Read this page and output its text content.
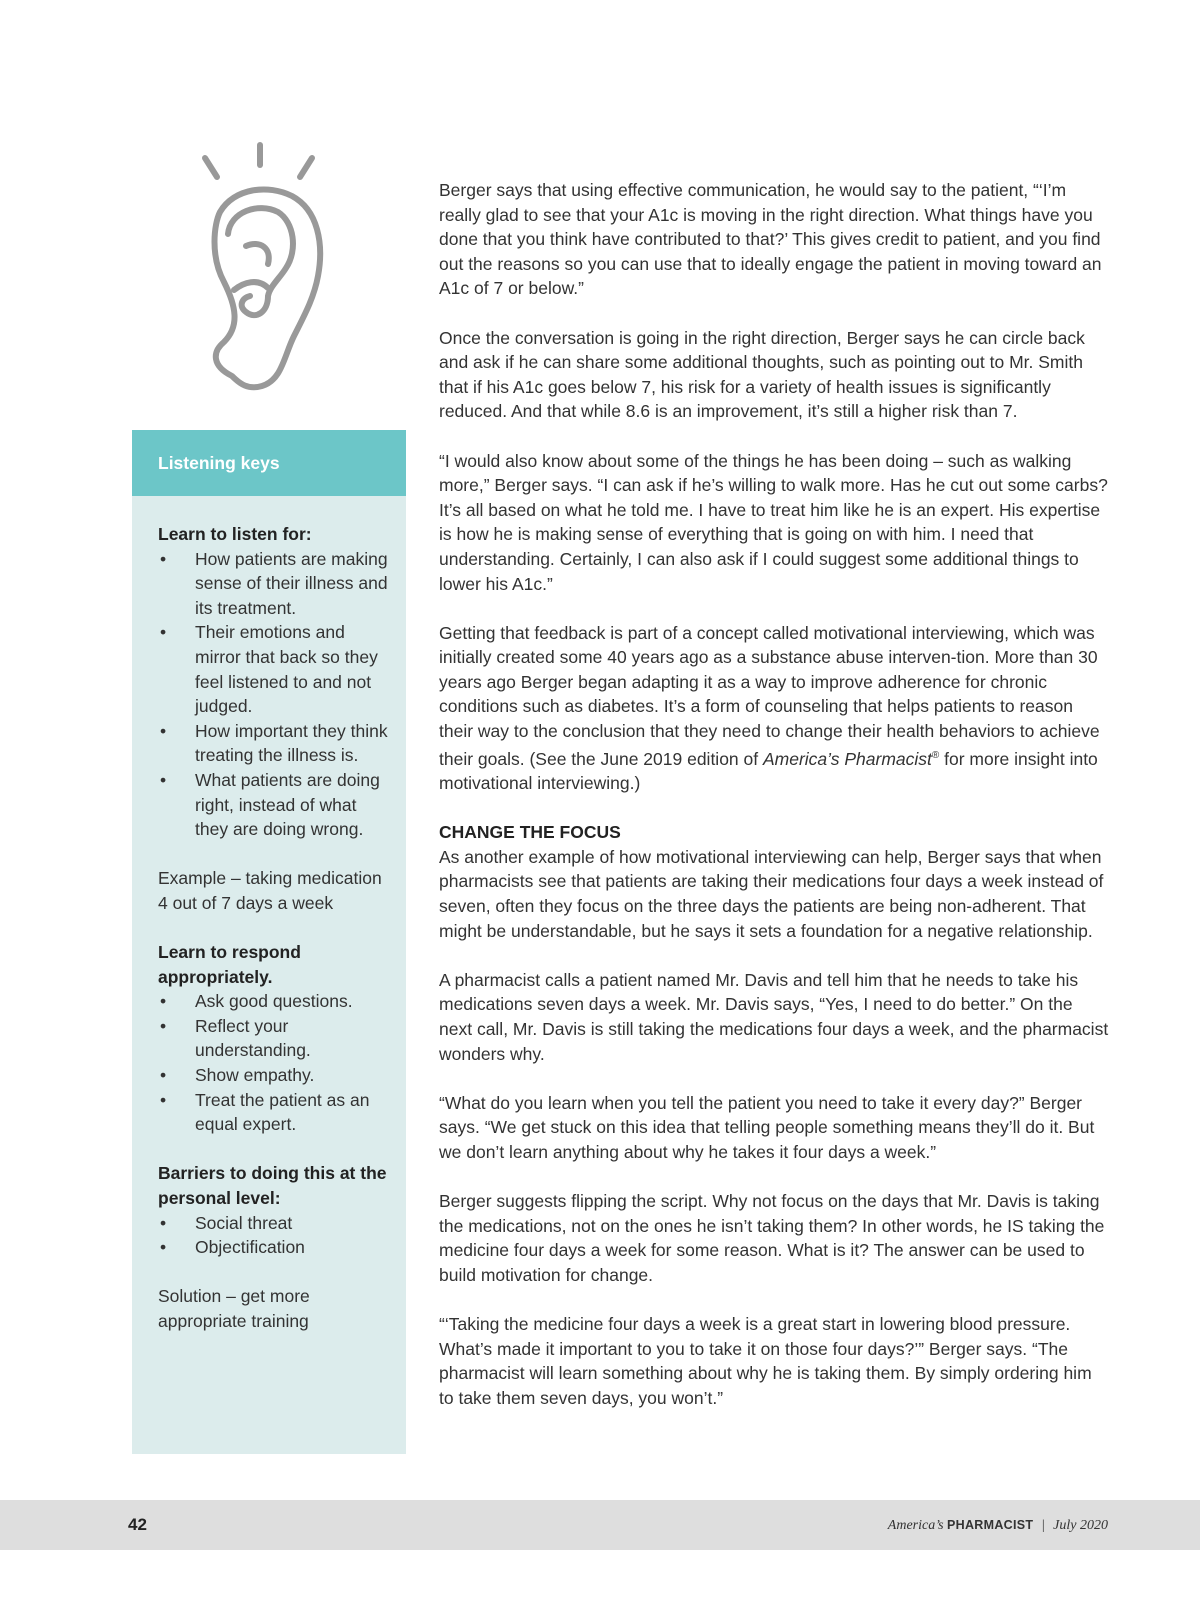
Listening keys
Learn to listen for:
• How patients are making sense of their illness and its treatment.
• Their emotions and mirror that back so they feel listened to and not judged.
• How important they think treating the illness is.
• What patients are doing right, instead of what they are doing wrong.
Example – taking medication 4 out of 7 days a week
Learn to respond appropriately.
• Ask good questions.
• Reflect your understanding.
• Show empathy.
• Treat the patient as an equal expert.
Barriers to doing this at the personal level:
• Social threat
• Objectification
Solution – get more appropriate training

Berger says that using effective communication, he would say to the patient, “‘I’m really glad to see that your A1c is moving in the right direction. What things have you done that you think have contributed to that?’ This gives credit to patient, and you find out the reasons so you can use that to ideally engage the patient in moving toward an A1c of 7 or below.”

Once the conversation is going in the right direction, Berger says he can circle back and ask if he can share some additional thoughts, such as pointing out to Mr. Smith that if his A1c goes below 7, his risk for a variety of health issues is significantly reduced. And that while 8.6 is an improvement, it’s still a higher risk than 7.

“I would also know about some of the things he has been doing – such as walking more,” Berger says. “I can ask if he’s willing to walk more. Has he cut out some carbs? It’s all based on what he told me. I have to treat him like he is an expert. His expertise is how he is making sense of everything that is going on with him. I need that understanding. Certainly, I can also ask if I could suggest some additional things to lower his A1c.”

Getting that feedback is part of a concept called motivational interviewing, which was initially created some 40 years ago as a substance abuse interven-tion. More than 30 years ago Berger began adapting it as a way to improve adherence for chronic conditions such as diabetes. It’s a form of counseling that helps patients to reason their way to the conclusion that they need to change their health behaviors to achieve their goals. (See the June 2019 edition of America’s Pharmacist® for more insight into motivational interviewing.)

CHANGE THE FOCUS

As another example of how motivational interviewing can help, Berger says that when pharmacists see that patients are taking their medications four days a week instead of seven, often they focus on the three days the patients are being non-adherent. That might be understandable, but he says it sets a foundation for a negative relationship.

A pharmacist calls a patient named Mr. Davis and tell him that he needs to take his medications seven days a week. Mr. Davis says, “Yes, I need to do better.” On the next call, Mr. Davis is still taking the medications four days a week, and the pharmacist wonders why.

“What do you learn when you tell the patient you need to take it every day?” Berger says. “We get stuck on this idea that telling people something means they’ll do it. But we don’t learn anything about why he takes it four days a week.”

Berger suggests flipping the script. Why not focus on the days that Mr. Davis is taking the medications, not on the ones he isn’t taking them? In other words, he IS taking the medicine four days a week for some reason. What is it? The answer can be used to build motivation for change.

“‘Taking the medicine four days a week is a great start in lowering blood pressure. What’s made it important to you to take it on those four days?’” Berger says. “The pharmacist will learn something about why he is taking them. By simply ordering him to take them seven days, you won’t.”

42	America’s PHARMACIST | July 2020
